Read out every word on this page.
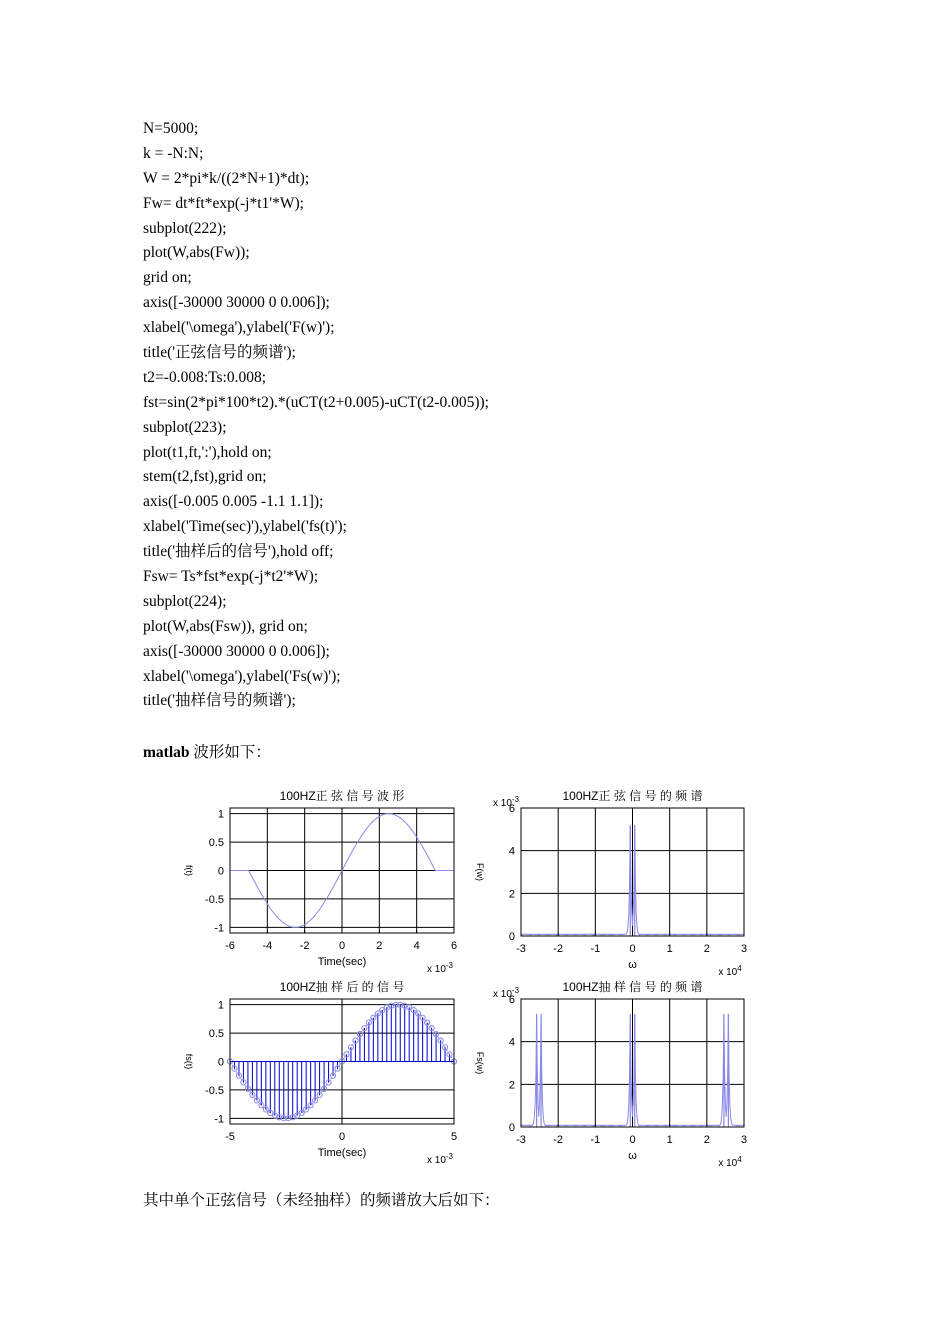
N=5000;
k = -N:N;
W = 2*pi*k/((2*N+1)*dt);
Fw= dt*ft*exp(-j*t1'*W);
subplot(222);
plot(W,abs(Fw));
grid on;
axis([-30000 30000 0 0.006]);
xlabel('\omega'),ylabel('F(w)');
title('正弦信号的频谱');
t2=-0.008:Ts:0.008;
fst=sin(2*pi*100*t2).*(uCT(t2+0.005)-uCT(t2-0.005));
subplot(223);
plot(t1,ft,':'),hold on;
stem(t2,fst),grid on;
axis([-0.005 0.005 -1.1 1.1]);
xlabel('Time(sec)'),ylabel('fs(t)');
title('抽样后的信号'),hold off;
Fsw= Ts*fst*exp(-j*t2'*W);
subplot(224);
plot(W,abs(Fsw)), grid on;
axis([-30000 30000 0 0.006]);
xlabel('\omega'),ylabel('Fs(w)');
title('抽样信号的频谱');
matlab 波形如下：
f(t)
-6	-4	-2	0	2	4	6
1
0.5
0
-0.5
-1
100HZ正 弦 信 号 波 形
Time(sec)
x $10^{-3}$
F(w)
-3 -2 -1	0	1	2	3
6
4
2
0
100HZ正 弦 信 号 的 频 谱
ω
x $10^4$
x $10^{-3}$
fs(t)
-5	0	5
1
0.5
0
-0.5
-1
100HZ抽 样 后 的 信 号
Time(sec)
x $10^{-3}$
Fs(w)
-3 -2 -1	0	1	2	3
6
4
2
0
100HZ抽 样 信 号 的 频 谱
ω
x $10^4$
x $10^{-3}$
其中单个正弦信号（未经抽样）的频谱放大后如下：
